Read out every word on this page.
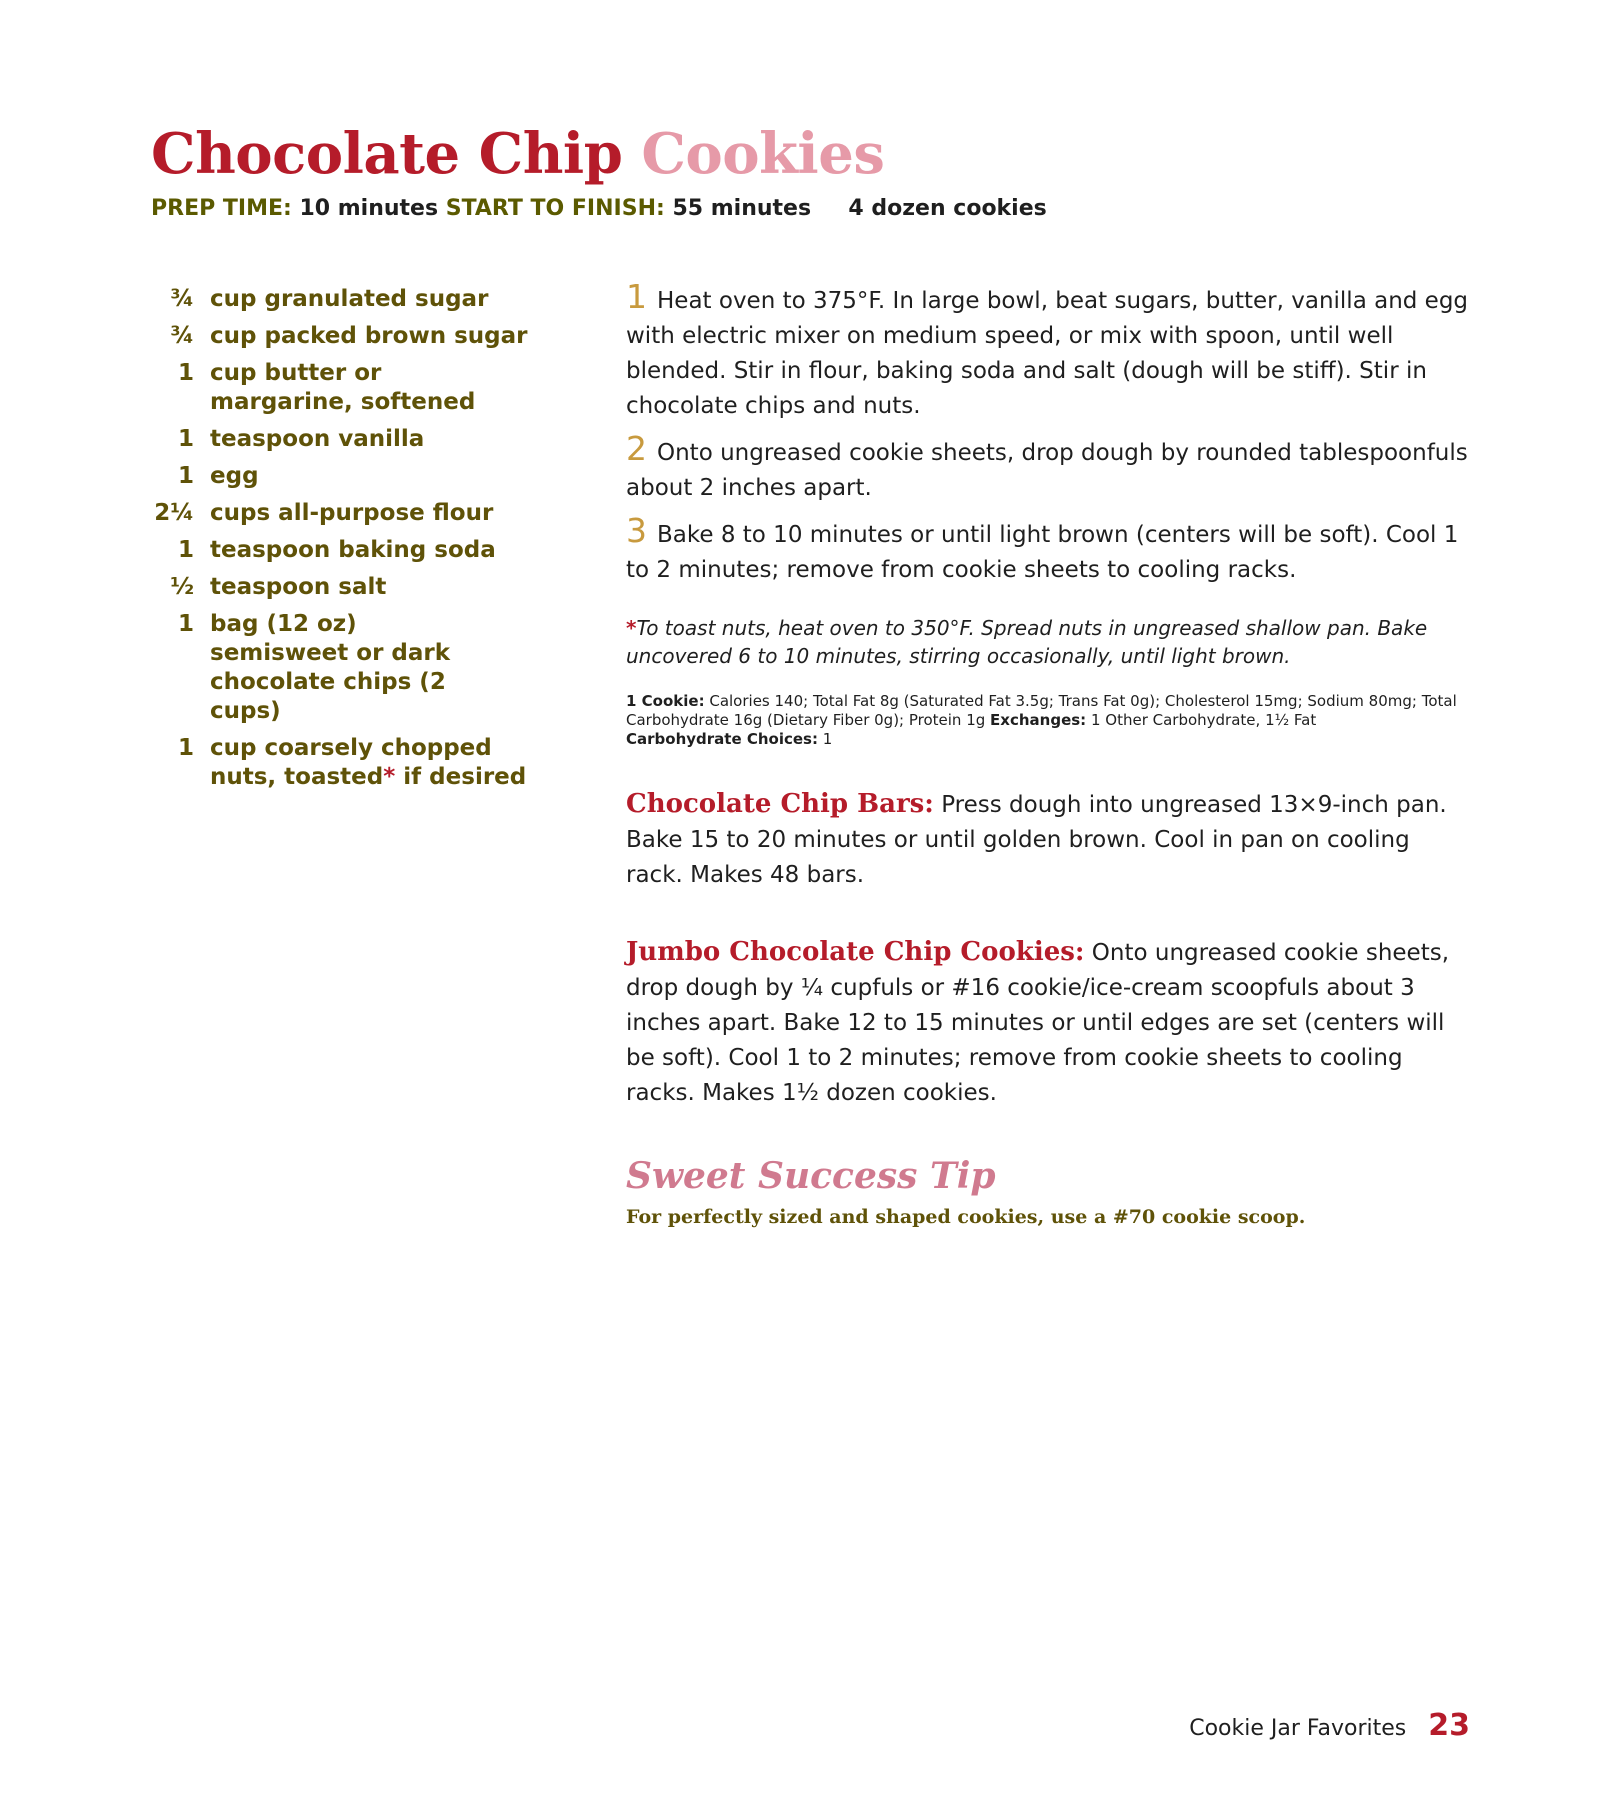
Chocolate Chip Cookies
PREP TIME: 10 minutes START TO FINISH: 55 minutes 4 dozen cookies
¾ cup granulated sugar
¾ cup packed brown sugar
1 cup butter or margarine, softened
1 teaspoon vanilla
1 egg
2¼ cups all-purpose flour
1 teaspoon baking soda
½ teaspoon salt
1 bag (12 oz) semisweet or dark chocolate chips (2 cups)
1 cup coarsely chopped nuts, toasted* if desired

1 Heat oven to 375°F. In large bowl, beat sugars, butter, vanilla and egg with electric mixer on medium speed, or mix with spoon, until well blended. Stir in flour, baking soda and salt (dough will be stiff). Stir in chocolate chips and nuts.

2 Onto ungreased cookie sheets, drop dough by rounded tablespoonfuls about 2 inches apart.

3 Bake 8 to 10 minutes or until light brown (centers will be soft). Cool 1 to 2 minutes; remove from cookie sheets to cooling racks.

*To toast nuts, heat oven to 350°F. Spread nuts in ungreased shallow pan. Bake uncovered 6 to 10 minutes, stirring occasionally, until light brown.

1 Cookie: Calories 140; Total Fat 8g (Saturated Fat 3.5g; Trans Fat 0g); Cholesterol 15mg; Sodium 80mg; Total Carbohydrate 16g (Dietary Fiber 0g); Protein 1g Exchanges: 1 Other Carbohydrate, 1½ Fat
Carbohydrate Choices: 1

Chocolate Chip Bars: Press dough into ungreased 13×9-inch pan. Bake 15 to 20 minutes or until golden brown. Cool in pan on cooling rack. Makes 48 bars.

Jumbo Chocolate Chip Cookies: Onto ungreased cookie sheets, drop dough by ¼ cupfuls or #16 cookie/ice-cream scoopfuls about 3 inches apart. Bake 12 to 15 minutes or until edges are set (centers will be soft). Cool 1 to 2 minutes; remove from cookie sheets to cooling racks. Makes 1½ dozen cookies.

Sweet Success Tip

For perfectly sized and shaped cookies, use a #70 cookie scoop.

Cookie Jar Favorites 23
